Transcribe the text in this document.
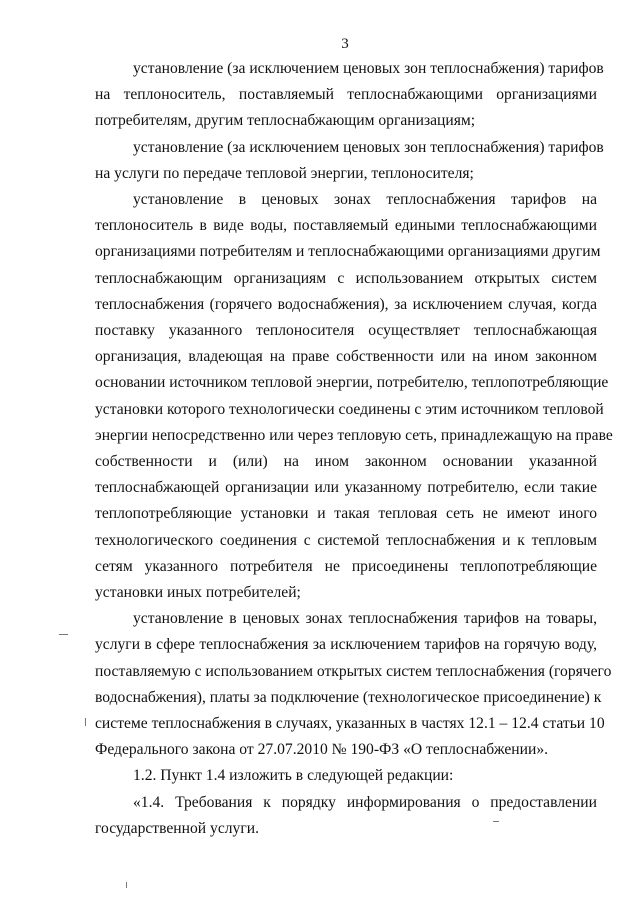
3

установление (за исключением ценовых зон теплоснабжения) тарифов
на теплоноситель, поставляемый теплоснабжающими организациями
потребителям, другим теплоснабжающим организациям;

установление (за исключением ценовых зон теплоснабжения) тарифов
на услуги по передаче тепловой энергии, теплоносителя;

установление в ценовых зонах теплоснабжения тарифов на
теплоноситель в виде воды, поставляемый едиными теплоснабжающими
организациями потребителям и теплоснабжающими организациями другим
теплоснабжающим организациям с использованием открытых систем
теплоснабжения (горячего водоснабжения), за исключением случая, когда
поставку указанного теплоносителя осуществляет теплоснабжающая
организация, владеющая на праве собственности или на ином законном
основании источником тепловой энергии, потребителю, теплопотребляющие
установки которого технологически соединены с этим источником тепловой
энергии непосредственно или через тепловую сеть, принадлежащую на праве
собственности и (или) на ином законном основании указанной
теплоснабжающей организации или указанному потребителю, если такие
теплопотребляющие установки и такая тепловая сеть не имеют иного
технологического соединения с системой теплоснабжения и к тепловым
сетям указанного потребителя не присоединены теплопотребляющие
установки иных потребителей;

установление в ценовых зонах теплоснабжения тарифов на товары,
услуги в сфере теплоснабжения за исключением тарифов на горячую воду,
поставляемую с использованием открытых систем теплоснабжения (горячего
водоснабжения), платы за подключение (технологическое присоединение) к
системе теплоснабжения в случаях, указанных в частях 12.1 – 12.4 статьи 10
Федерального закона от 27.07.2010 № 190-ФЗ «О теплоснабжении».

1.2. Пункт 1.4 изложить в следующей редакции:

«1.4. Требования к порядку информирования о предоставлении
государственной услуги.
